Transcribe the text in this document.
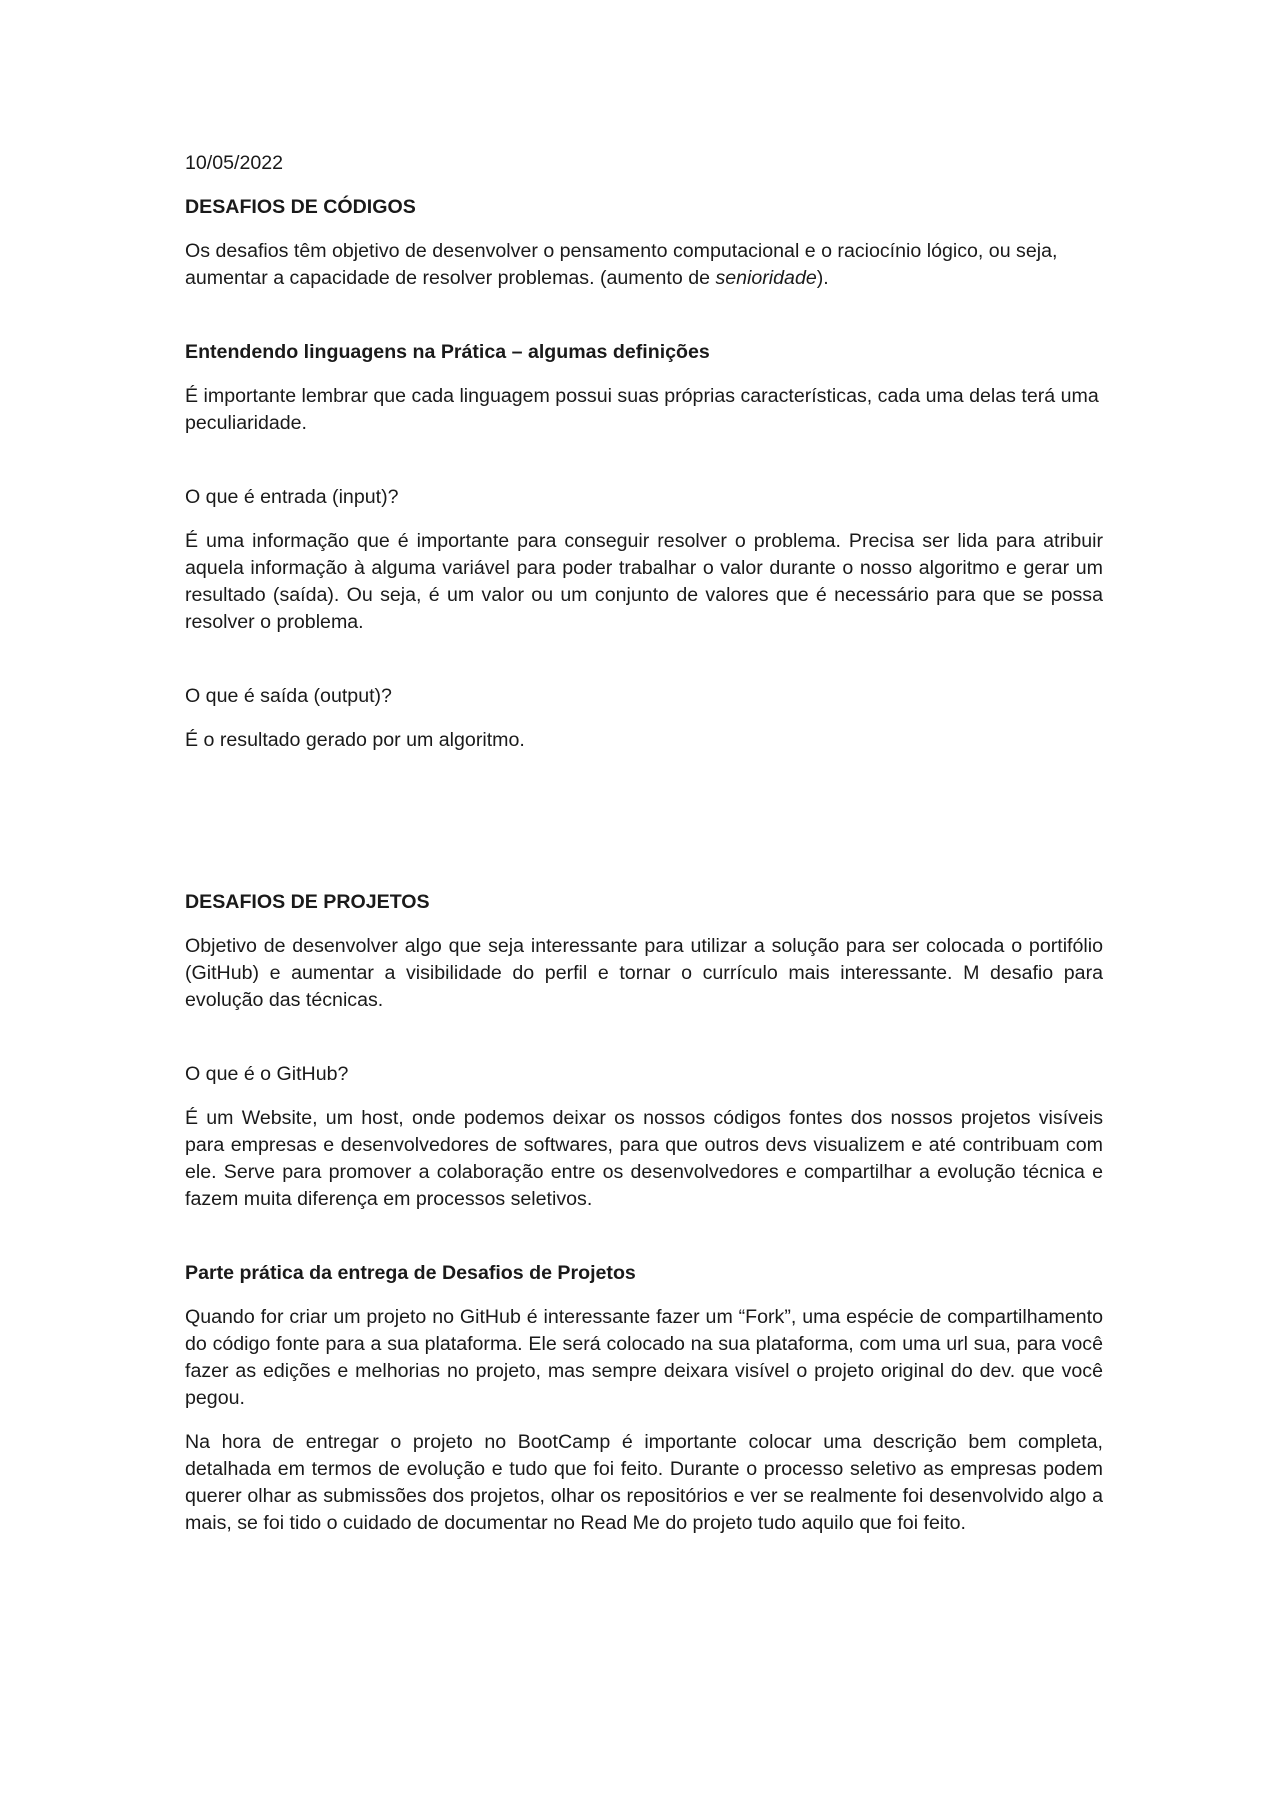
10/05/2022

DESAFIOS DE CÓDIGOS

Os desafios têm objetivo de desenvolver o pensamento computacional e o raciocínio lógico, ou seja, aumentar a capacidade de resolver problemas. (aumento de senioridade).

Entendendo linguagens na Prática – algumas definições

É importante lembrar que cada linguagem possui suas próprias características, cada uma delas terá uma peculiaridade.

O que é entrada (input)?

É uma informação que é importante para conseguir resolver o problema. Precisa ser lida para atribuir aquela informação à alguma variável para poder trabalhar o valor durante o nosso algoritmo e gerar um resultado (saída). Ou seja, é um valor ou um conjunto de valores que é necessário para que se possa resolver o problema.

O que é saída (output)?

É o resultado gerado por um algoritmo.

DESAFIOS DE PROJETOS

Objetivo de desenvolver algo que seja interessante para utilizar a solução para ser colocada o portifólio (GitHub) e aumentar a visibilidade do perfil e tornar o currículo mais interessante. M desafio para evolução das técnicas.

O que é o GitHub?

É um Website, um host, onde podemos deixar os nossos códigos fontes dos nossos projetos visíveis para empresas e desenvolvedores de softwares, para que outros devs visualizem e até contribuam com ele. Serve para promover a colaboração entre os desenvolvedores e compartilhar a evolução técnica e fazem muita diferença em processos seletivos.

Parte prática da entrega de Desafios de Projetos

Quando for criar um projeto no GitHub é interessante fazer um “Fork”, uma espécie de compartilhamento do código fonte para a sua plataforma. Ele será colocado na sua plataforma, com uma url sua, para você fazer as edições e melhorias no projeto, mas sempre deixara visível o projeto original do dev. que você pegou.

Na hora de entregar o projeto no BootCamp é importante colocar uma descrição bem completa, detalhada em termos de evolução e tudo que foi feito. Durante o processo seletivo as empresas podem querer olhar as submissões dos projetos, olhar os repositórios e ver se realmente foi desenvolvido algo a mais, se foi tido o cuidado de documentar no Read Me do projeto tudo aquilo que foi feito.
